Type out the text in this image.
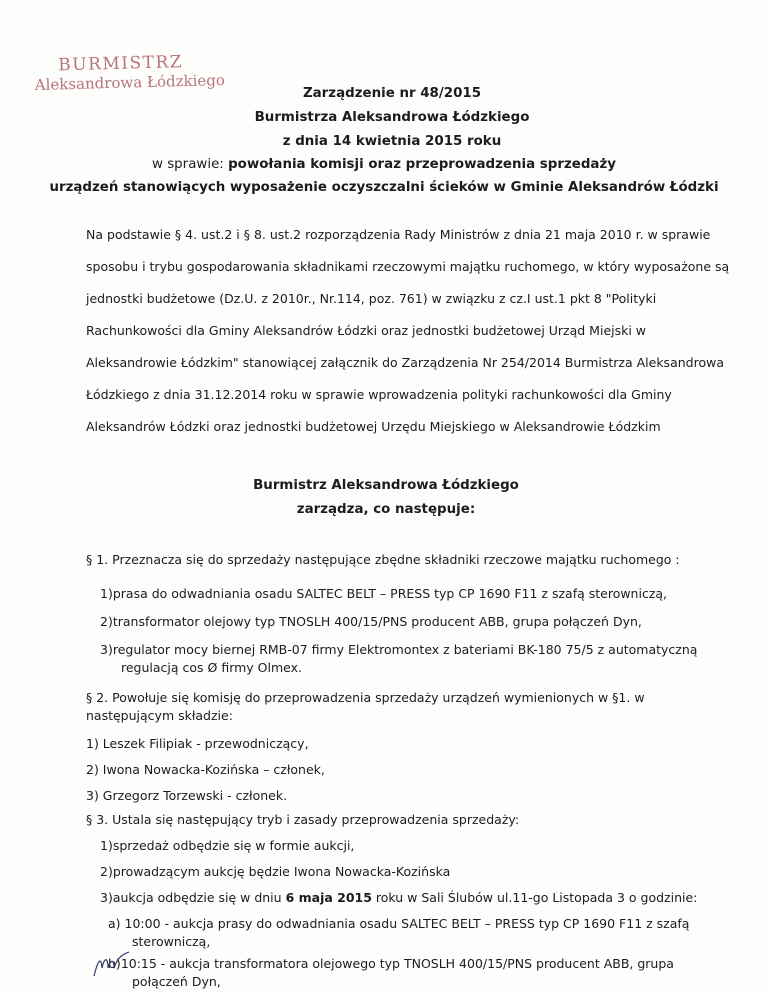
BURMISTRZ
Aleksandrowa Łódzkiego	Zarządzenie nr 48/2015
Burmistrza Aleksandrowa Łódzkiego
z dnia 14 kwietnia 2015 roku
w sprawie: powołania komisji oraz przeprowadzenia sprzedaży
urządzeń stanowiących wyposażenie oczyszczalni ścieków w Gminie Aleksandrów Łódzki
Na podstawie § 4. ust.2 i § 8. ust.2 rozporządzenia Rady Ministrów z dnia 21 maja 2010 r. w sprawie
sposobu i trybu gospodarowania składnikami rzeczowymi majątku ruchomego, w który wyposażone są
jednostki budżetowe (Dz.U. z 2010r., Nr.114, poz. 761) w związku z cz.I ust.1 pkt 8 "Polityki
Rachunkowości dla Gminy Aleksandrów Łódzki oraz jednostki budżetowej Urząd Miejski w
Aleksandrowie Łódzkim" stanowiącej załącznik do Zarządzenia Nr 254/2014 Burmistrza Aleksandrowa
Łódzkiego z dnia 31.12.2014 roku w sprawie wprowadzenia polityki rachunkowości dla Gminy
Aleksandrów Łódzki oraz jednostki budżetowej Urzędu Miejskiego w Aleksandrowie Łódzkim
Burmistrz Aleksandrowa Łódzkiego
zarządza, co następuje:
§ 1. Przeznacza się do sprzedaży następujące zbędne składniki rzeczowe majątku ruchomego :
1)prasa do odwadniania osadu SALTEC BELT – PRESS typ CP 1690 F11 z szafą sterowniczą,
2)transformator olejowy typ TNOSLH 400/15/PNS producent ABB, grupa połączeń Dyn,
3)regulator mocy biernej RMB-07 firmy Elektromontex z bateriami BK-180 75/5 z automatyczną
regulacją cos Ø firmy Olmex.
§ 2. Powołuje się komisję do przeprowadzenia sprzedaży urządzeń wymienionych w §1. w
następującym składzie:
1) Leszek Filipiak - przewodniczący,
2) Iwona Nowacka-Kozińska – członek,
3) Grzegorz Torzewski - członek.
§ 3. Ustala się następujący tryb i zasady przeprowadzenia sprzedaży:
1)sprzedaż odbędzie się w formie aukcji,
2)prowadzącym aukcję będzie Iwona Nowacka-Kozińska
3)aukcja odbędzie się w dniu 6 maja 2015 roku w Sali Ślubów ul.11-go Listopada 3 o godzinie:
a) 10:00 - aukcja prasy do odwadniania osadu SALTEC BELT – PRESS typ CP 1690 F11 z szafą
sterowniczą,
b)10:15 - aukcja transformatora olejowego typ TNOSLH 400/15/PNS producent ABB, grupa
połączeń Dyn,
